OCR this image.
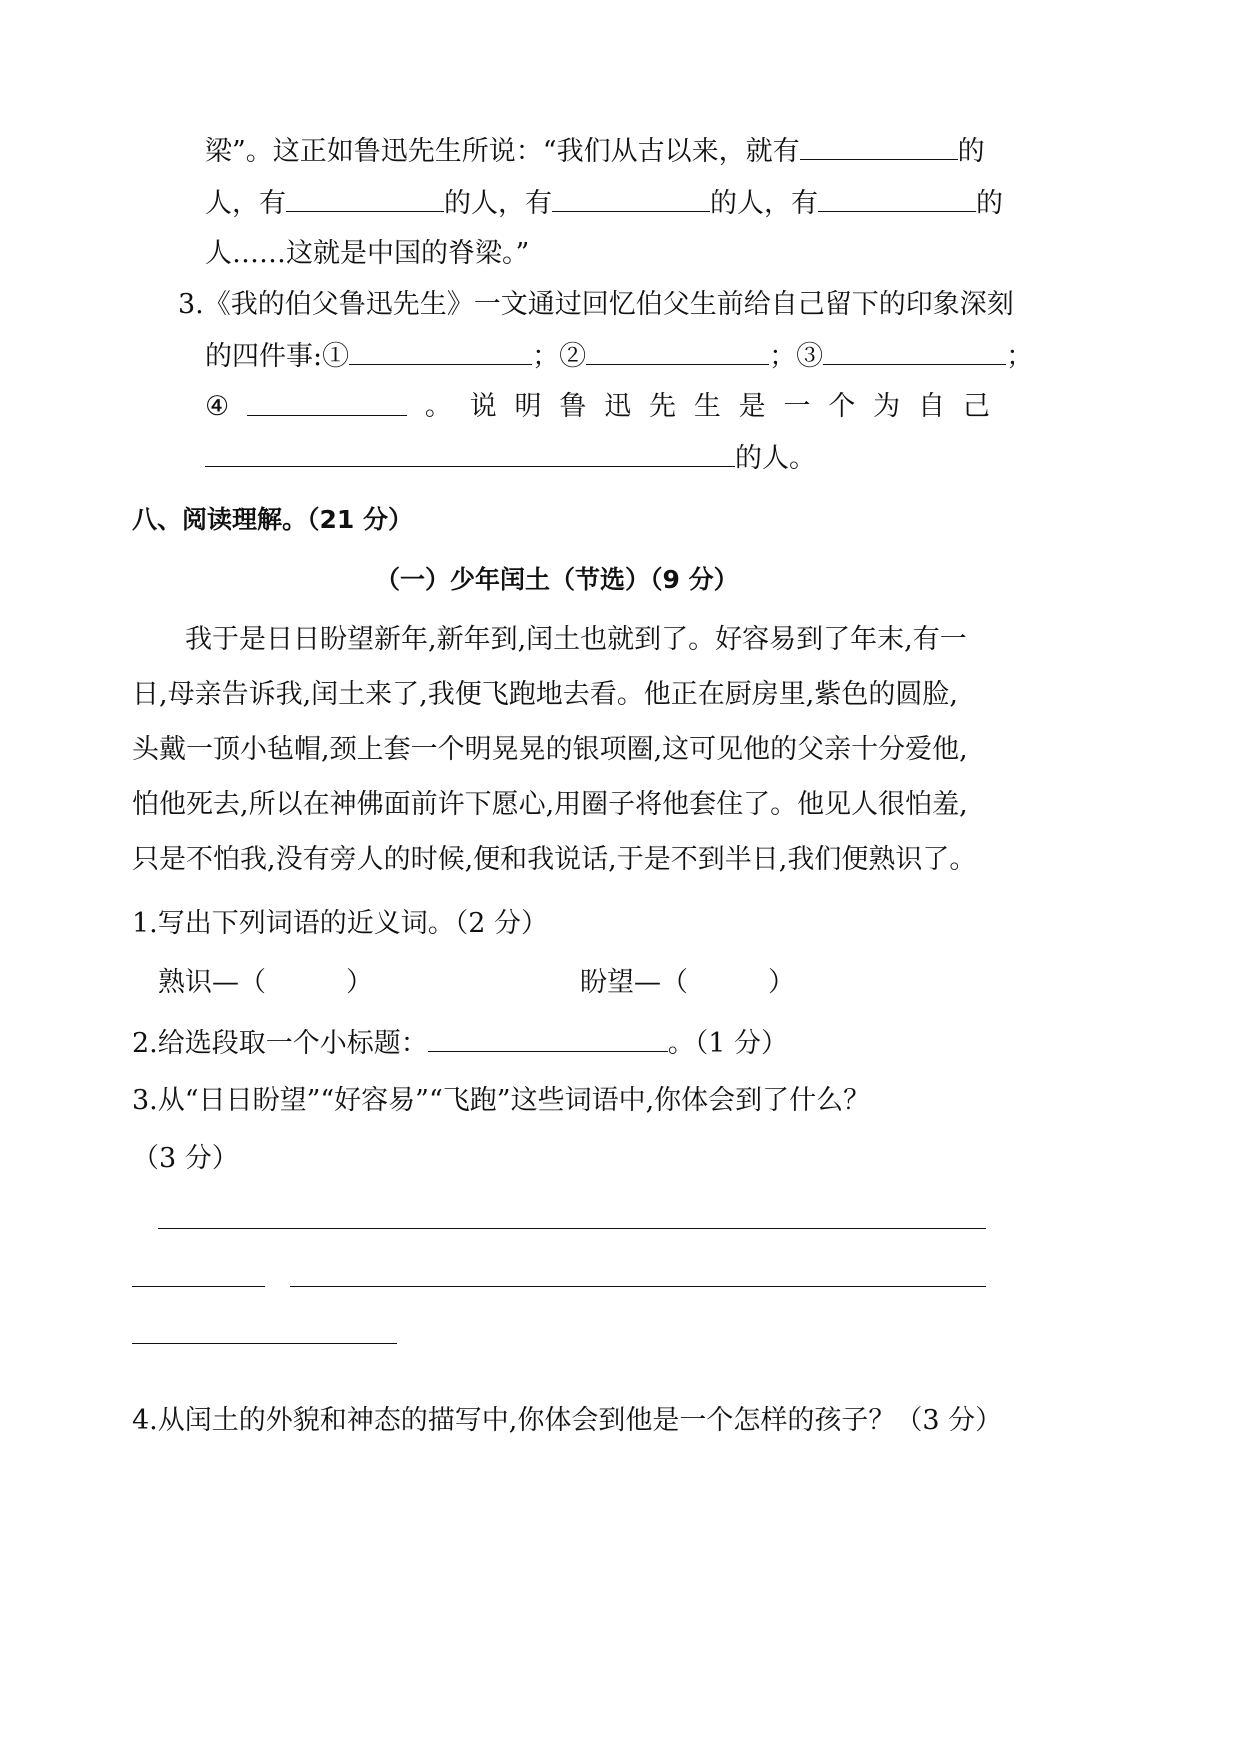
梁”。这正如鲁迅先生所说：“我们从古以来，就有	的
人，有	的人，有	的人，有	的
人……这就是中国的脊梁。”
3.《我的伯父鲁迅先生》一文通过回忆伯父生前给自己留下的印象深刻
的四件事:①	；②	；③	；
④	。 说 明 鲁 迅 先 生 是 一 个 为 自 己
的人。
八、阅读理解。（21 分）
（一）少年闰土（节选）（9 分）
我于是日日盼望新年,新年到,闰土也就到了。好容易到了年末,有一
日,母亲告诉我,闰土来了,我便飞跑地去看。他正在厨房里,紫色的圆脸,
头戴一顶小毡帽,颈上套一个明晃晃的银项圈,这可见他的父亲十分爱他,
怕他死去,所以在神佛面前许下愿心,用圈子将他套住了。他见人很怕羞,
只是不怕我,没有旁人的时候,便和我说话,于是不到半日,我们便熟识了。
1.写出下列词语的近义词。（2 分）
熟识—（	）	盼望—（	）
2.给选段取一个小标题：	。（1 分）
3.从“日日盼望”“好容易”“飞跑”这些词语中,你体会到了什么？
（3 分）
4.从闰土的外貌和神态的描写中,你体会到他是一个怎样的孩子？（3 分）
